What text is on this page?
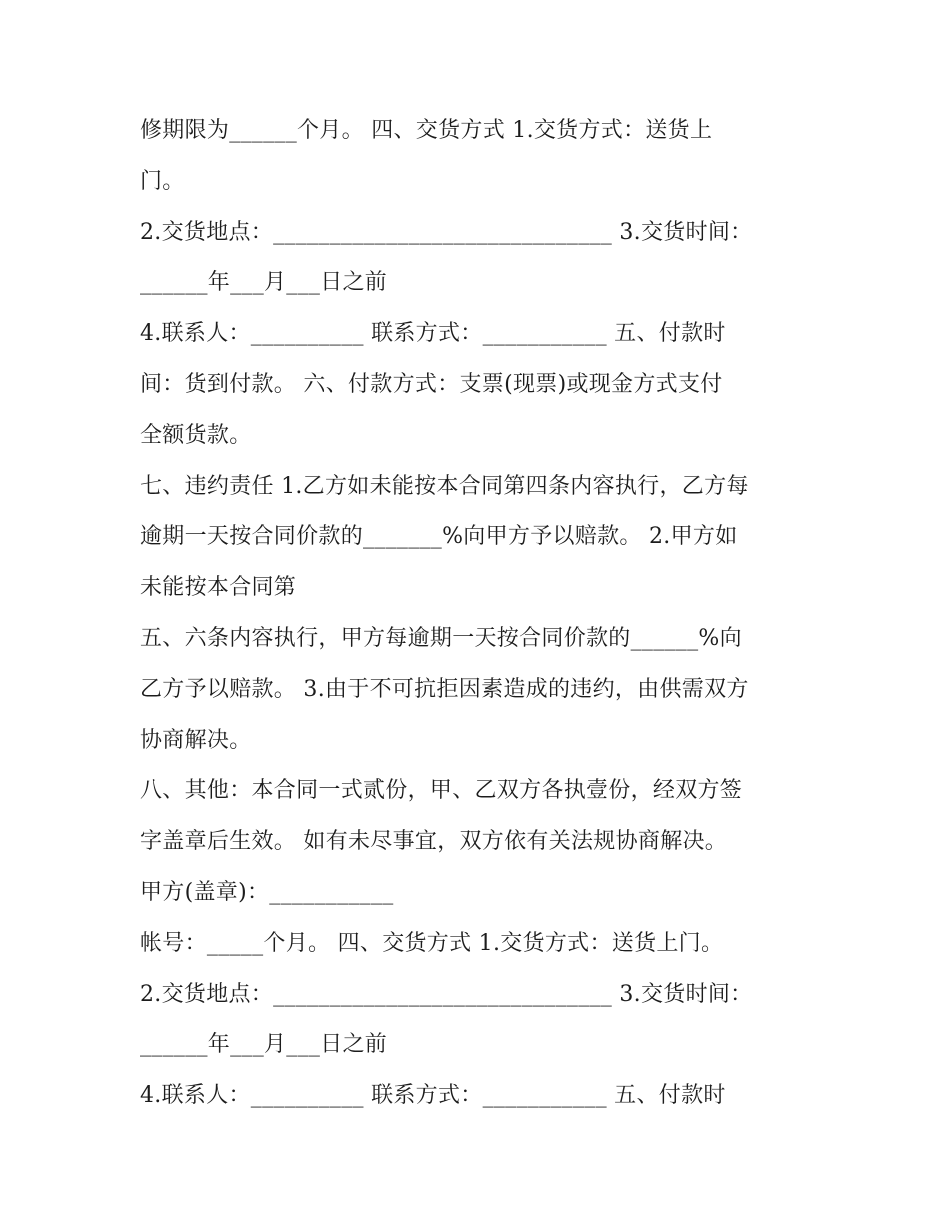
修期限为______个月。 四、交货方式 1.交货方式：送货上
门。
2.交货地点：______________________________ 3.交货时间：
______年___月___日之前
4.联系人：__________ 联系方式：___________ 五、付款时
间：货到付款。 六、付款方式：支票(现票)或现金方式支付
全额货款。
七、违约责任 1.乙方如未能按本合同第四条内容执行，乙方每
逾期一天按合同价款的_______%向甲方予以赔款。 2.甲方如
未能按本合同第
五、六条内容执行，甲方每逾期一天按合同价款的______%向
乙方予以赔款。 3.由于不可抗拒因素造成的违约，由供需双方
协商解决。
八、其他：本合同一式贰份，甲、乙双方各执壹份，经双方签
字盖章后生效。 如有未尽事宜，双方依有关法规协商解决。
甲方(盖章)：___________
帐号：_____个月。 四、交货方式 1.交货方式：送货上门。
2.交货地点：______________________________ 3.交货时间：
______年___月___日之前
4.联系人：__________ 联系方式：___________ 五、付款时
